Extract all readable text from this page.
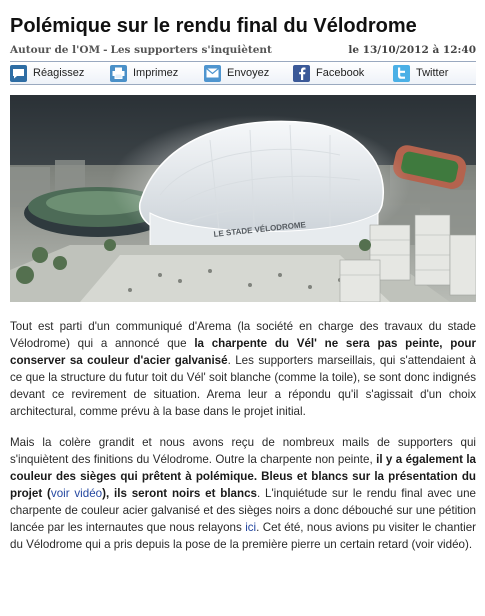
Polémique sur le rendu final du Vélodrome
Autour de l'OM - Les supporters s'inquiètent	le 13/10/2012 à 12:40
Réagissez	Imprimez	Envoyez	Facebook	Twitter
LE STADE VÉLODROME

Tout est parti d'un communiqué d'Arema (la société en charge des travaux du stade Vélodrome) qui a annoncé que la charpente du Vél' ne sera pas peinte, pour conserver sa couleur d'acier galvanisé. Les supporters marseillais, qui s'attendaient à ce que la structure du futur toit du Vél' soit blanche (comme la toile), se sont donc indignés devant ce revirement de situation. Arema leur a répondu qu'il s'agissait d'un choix architectural, comme prévu à la base dans le projet initial.

Mais la colère grandit et nous avons reçu de nombreux mails de supporters qui s'inquiètent des finitions du Vélodrome. Outre la charpente non peinte, il y a également la couleur des sièges qui prêtent à polémique. Bleus et blancs sur la présentation du projet (voir vidéo), ils seront noirs et blancs. L'inquiétude sur le rendu final avec une charpente de couleur acier galvanisé et des sièges noirs a donc débouché sur une pétition lancée par les internautes que nous relayons ici. Cet été, nous avions pu visiter le chantier du Vélodrome qui a pris depuis la pose de la première pierre un certain retard (voir vidéo).
